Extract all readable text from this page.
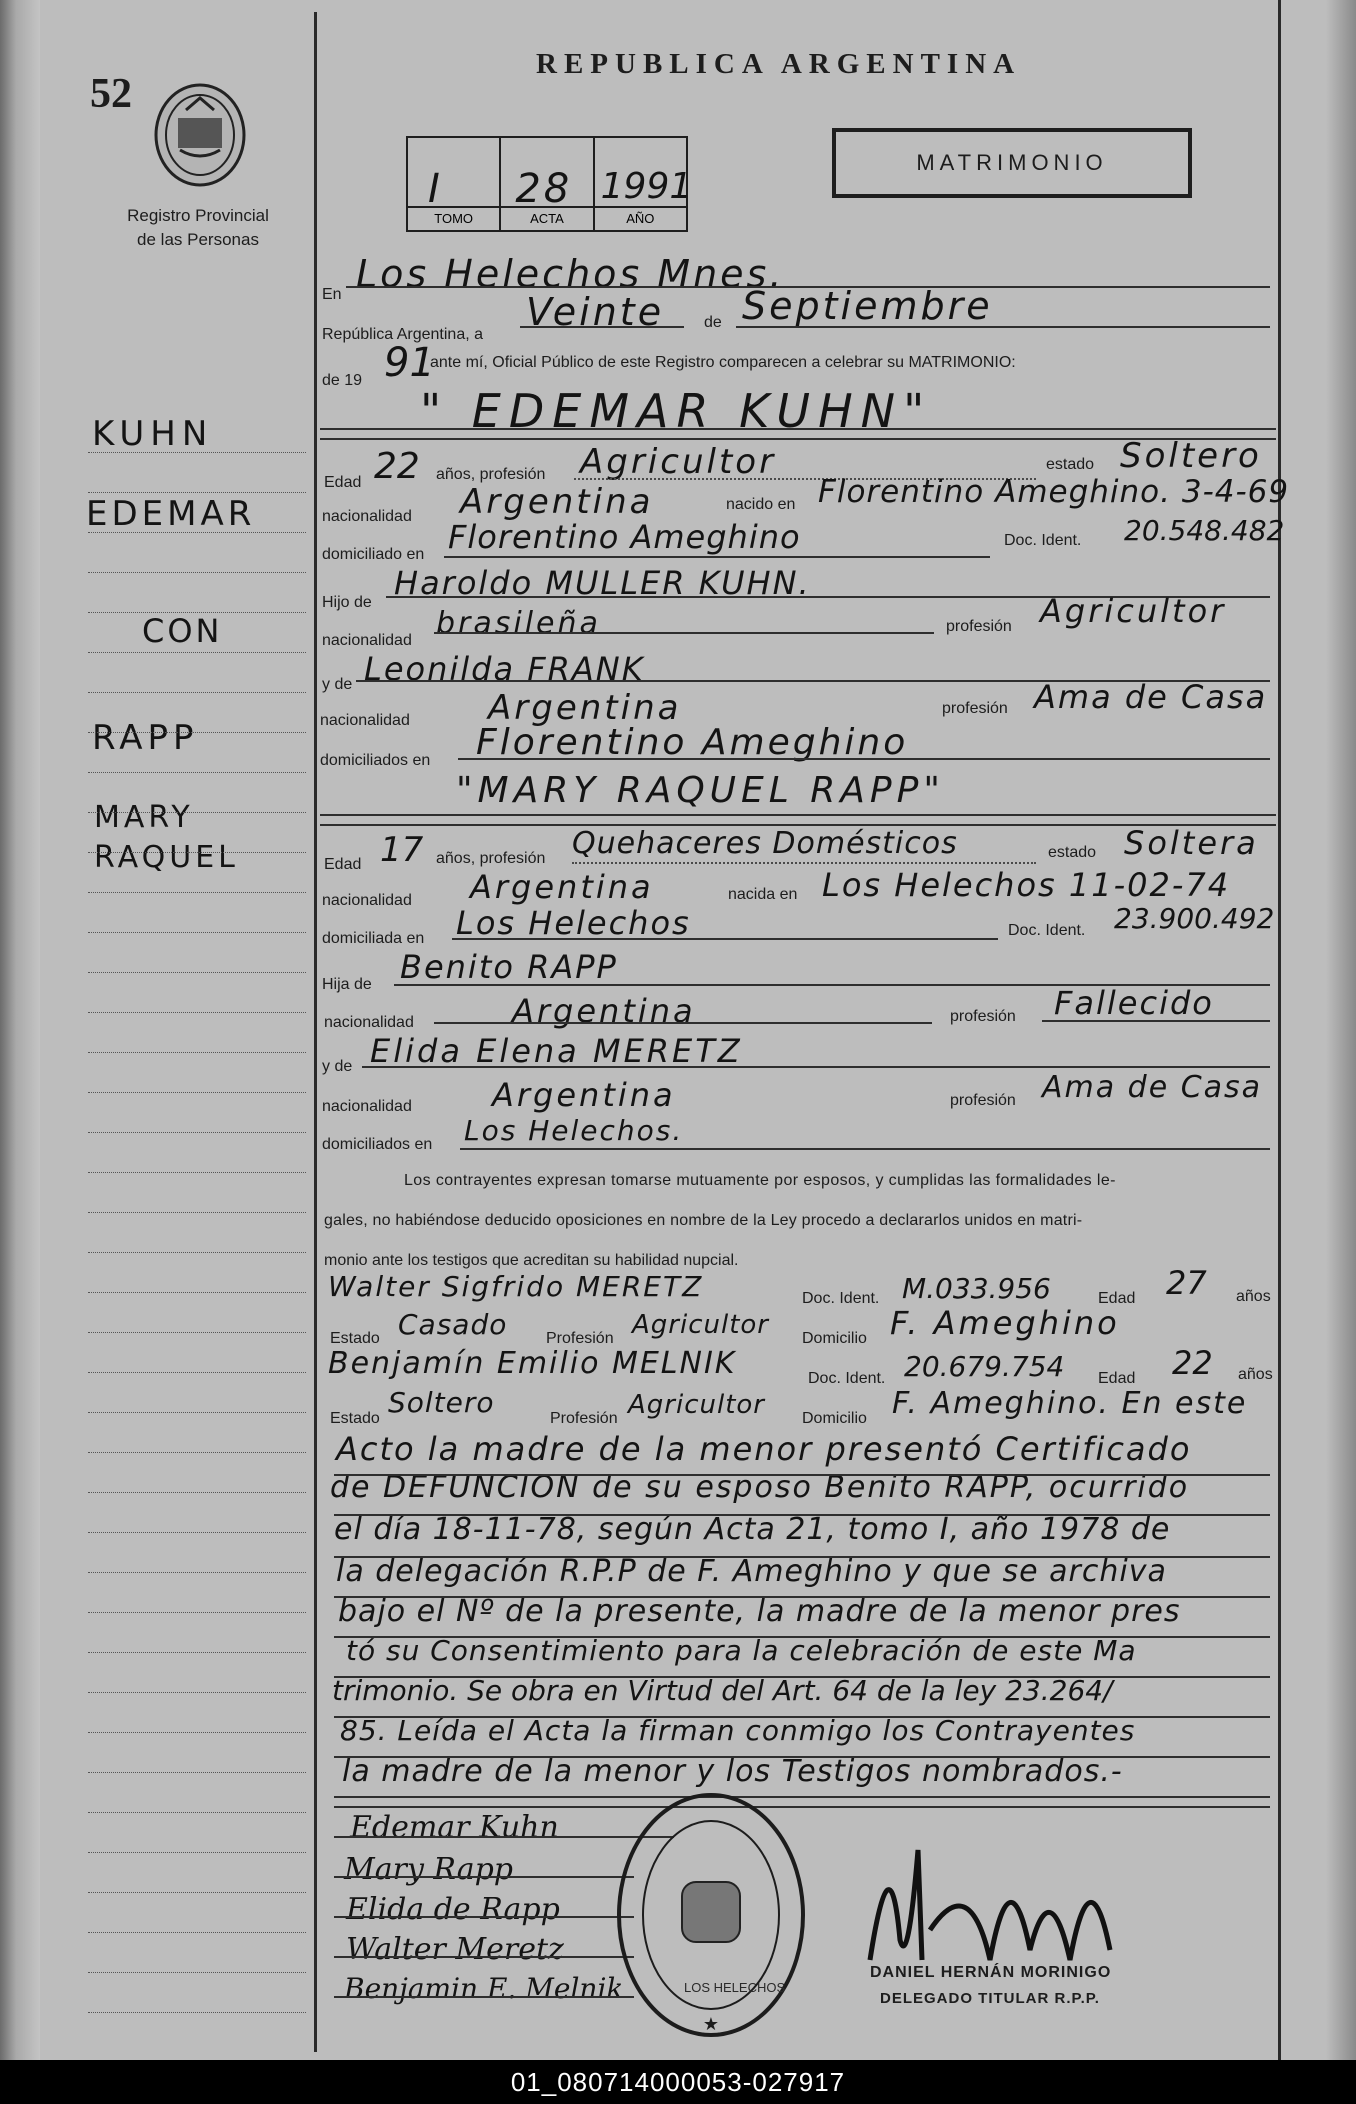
52
Registro Provincial
de las Personas
REPUBLICA ARGENTINA
MATRIMONIO
I
TOMO
28
ACTA
1991
AÑO
En Los Helechos Mnes.
República Argentina, a
Veinte de Septiembre
de 19 91
ante mí, Oficial Público de este Registro comparecen a celebrar su MATRIMONIO:
" EDEMAR KUHN"
Edad 22 años, profesión Agricultor	estado Soltero
nacionalidad Argentina	nacido en Florentino Ameghino. 3-4-69
domiciliado en Florentino Ameghino	Doc. Ident. 20.548.482
Hijo de
Haroldo MULLER KUHN.
nacionalidad brasileña	profesión Agricultor
y de Leonilda FRANK
nacionalidad Argentina	profesión Ama de Casa
domiciliados en Florentino Ameghino
"MARY RAQUEL RAPP"
Edad 17 años, profesión Quehaceres Domésticos	estado Soltera
nacionalidad Argentina	nacida en Los Helechos 11-02-74
domiciliada en Los Helechos	Doc. Ident. 23.900.492
Hija de Benito RAPP
nacionalidad	Argentina	profesión Fallecido
y de Elida Elena MERETZ
nacionalidad	Argentina	profesión Ama de Casa
domiciliados en Los Helechos.
Los contrayentes expresan tomarse mutuamente por esposos, y cumplidas las formalidades le-
gales, no habiéndose deducido oposiciones en nombre de la Ley procedo a declararlos unidos en matri-
monio ante los testigos que acreditan su habilidad nupcial.
Walter Sigfrido MERETZ	Doc. Ident. M.033.956	Edad 27 años
Estado Casado Profesión Agricultor Domicilio F. Ameghino
Benjamín Emilio MELNIK	Doc. Ident. 20.679.754 Edad 22 años
Estado Soltero	Profesión Agricultor Domicilio F. Ameghino. En este
Acto la madre de la menor presentó Certificado
de DEFUNCION de su esposo Benito RAPP, ocurrido
el día 18-11-78, según Acta 21, tomo I, año 1978 de
la delegación R.P.P de F. Ameghino y que se archiva
bajo el Nº de la presente, la madre de la menor pres
tó su Consentimiento para la celebración de este Ma
trimonio. Se obra en Virtud del Art. 64 de la ley 23.264/
85. Leída el Acta la firman conmigo los Contrayentes
la madre de la menor y los Testigos nombrados.-
Edemar Kuhn
Mary Rapp
Elida de Rapp
Walter Meretz
Benjamin E. Melnik
★
LOS HELECHOS
DANIEL HERNÁN MORINIGO
DELEGADO TITULAR R.P.P.
KUHN
EDEMAR
CON
RAPP
MARY
RAQUEL
01_080714000053-027917
